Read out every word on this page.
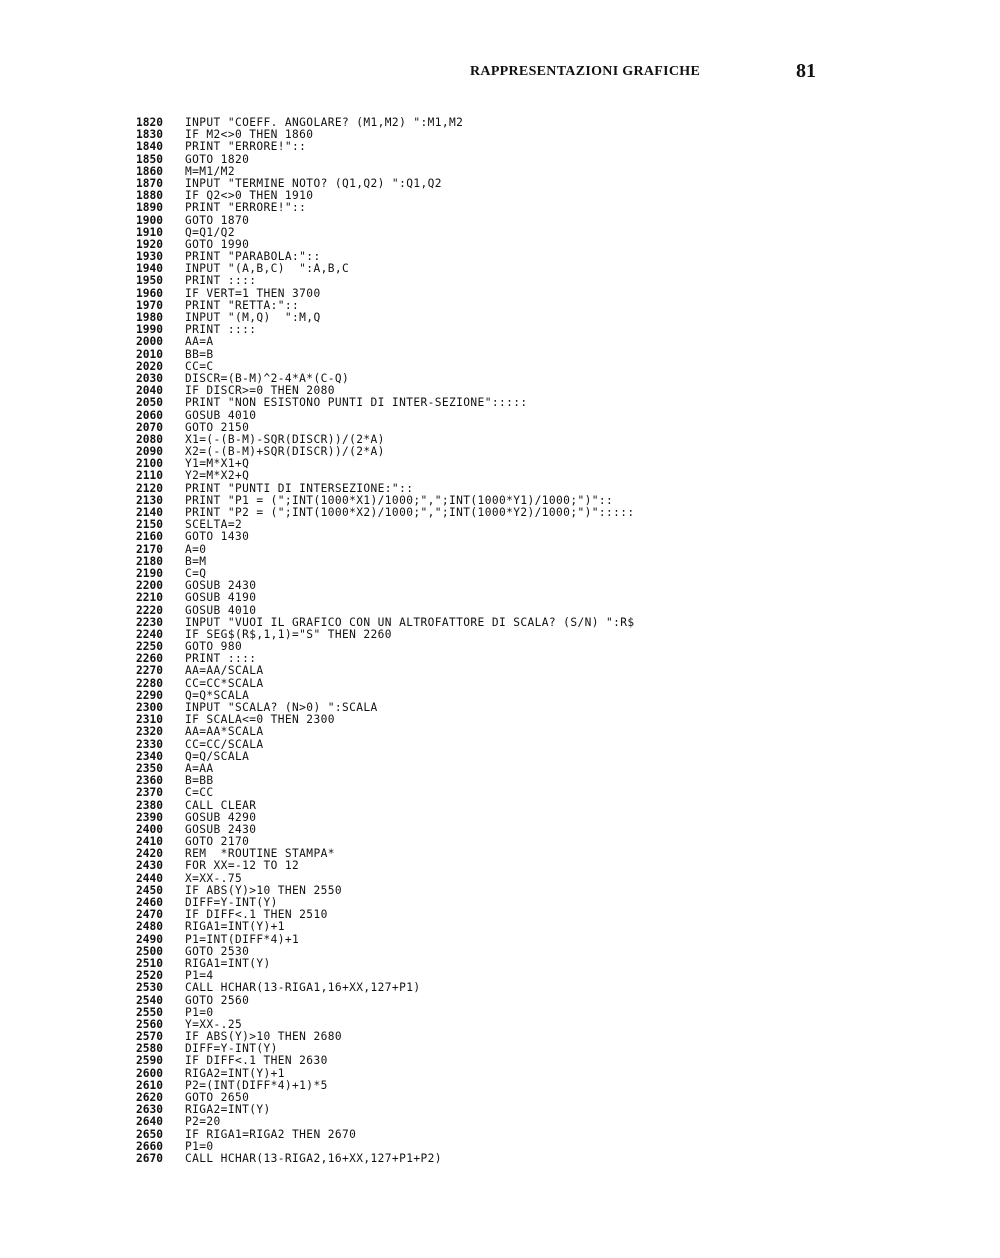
RAPPRESENTAZIONI GRAFICHE	81
1820	INPUT "COEFF. ANGOLARE? (M1,M2) ":M1,M2
1830	IF M2<>0 THEN 1860
1840	PRINT "ERRORE!"::
1850	GOTO 1820
1860	M=M1/M2
1870	INPUT "TERMINE NOTO? (Q1,Q2) ":Q1,Q2
1880	IF Q2<>0 THEN 1910
1890	PRINT "ERRORE!"::
1900	GOTO 1870
1910	Q=Q1/Q2
1920	GOTO 1990
1930	PRINT "PARABOLA:"::
1940	INPUT "(A,B,C)  ":A,B,C
1950	PRINT ::::
1960	IF VERT=1 THEN 3700
1970	PRINT "RETTA:"::
1980	INPUT "(M,Q)  ":M,Q
1990	PRINT ::::
2000	AA=A
2010	BB=B
2020	CC=C
2030	DISCR=(B-M)^2-4*A*(C-Q)
2040	IF DISCR>=0 THEN 2080
2050	PRINT "NON ESISTONO PUNTI DI INTER-SEZIONE":::::
2060	GOSUB 4010
2070	GOTO 2150
2080	X1=(-(B-M)-SQR(DISCR))/(2*A)
2090	X2=(-(B-M)+SQR(DISCR))/(2*A)
2100	Y1=M*X1+Q
2110	Y2=M*X2+Q
2120	PRINT "PUNTI DI INTERSEZIONE:"::
2130	PRINT "P1 = (";INT(1000*X1)/1000;",";INT(1000*Y1)/1000;")"::
2140	PRINT "P2 = (";INT(1000*X2)/1000;",";INT(1000*Y2)/1000;")":::::
2150	SCELTA=2
2160	GOTO 1430
2170	A=0
2180	B=M
2190	C=Q
2200	GOSUB 2430
2210	GOSUB 4190
2220	GOSUB 4010
2230	INPUT "VUOI IL GRAFICO CON UN ALTROFATTORE DI SCALA? (S/N) ":R$
2240	IF SEG$(R$,1,1)="S" THEN 2260
2250	GOTO 980
2260	PRINT ::::
2270	AA=AA/SCALA
2280	CC=CC*SCALA
2290	Q=Q*SCALA
2300	INPUT "SCALA? (N>0) ":SCALA
2310	IF SCALA<=0 THEN 2300
2320	AA=AA*SCALA
2330	CC=CC/SCALA
2340	Q=Q/SCALA
2350	A=AA
2360	B=BB
2370	C=CC
2380	CALL CLEAR
2390	GOSUB 4290
2400	GOSUB 2430
2410	GOTO 2170
2420	REM  *ROUTINE STAMPA*
2430	FOR XX=-12 TO 12
2440	X=XX-.75
2450	IF ABS(Y)>10 THEN 2550
2460	DIFF=Y-INT(Y)
2470	IF DIFF<.1 THEN 2510
2480	RIGA1=INT(Y)+1
2490	P1=INT(DIFF*4)+1
2500	GOTO 2530
2510	RIGA1=INT(Y)
2520	P1=4
2530	CALL HCHAR(13-RIGA1,16+XX,127+P1)
2540	GOTO 2560
2550	P1=0
2560	Y=XX-.25
2570	IF ABS(Y)>10 THEN 2680
2580	DIFF=Y-INT(Y)
2590	IF DIFF<.1 THEN 2630
2600	RIGA2=INT(Y)+1
2610	P2=(INT(DIFF*4)+1)*5
2620	GOTO 2650
2630	RIGA2=INT(Y)
2640	P2=20
2650	IF RIGA1=RIGA2 THEN 2670
2660	P1=0
2670	CALL HCHAR(13-RIGA2,16+XX,127+P1+P2)
